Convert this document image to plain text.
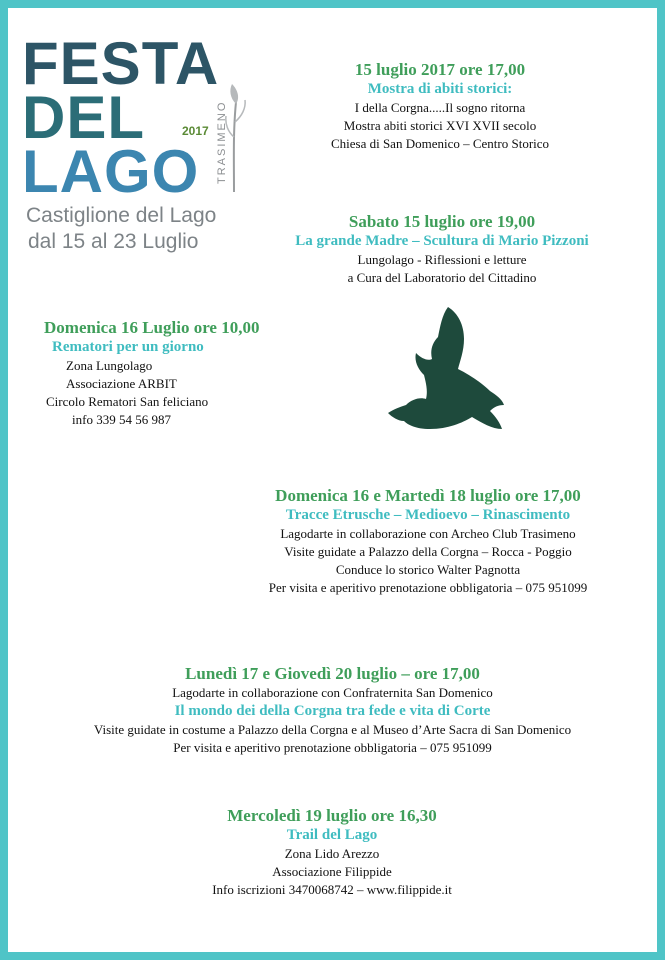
FESTA
DEL
LAGO
2017 TRASIMENO
Castiglione del Lago
dal 15 al 23 Luglio
15 luglio 2017 ore 17,00
Mostra di abiti storici:
I della Corgna.....Il sogno ritorna
Mostra abiti storici XVI XVII secolo
Chiesa di San Domenico – Centro Storico
Sabato 15 luglio ore 19,00
La grande Madre – Scultura di Mario Pizzoni
Lungolago - Riflessioni e letture
a Cura del Laboratorio del Cittadino
Domenica 16 Luglio ore 10,00
Rematori per un giorno
Zona Lungolago
Associazione ARBIT
Circolo Rematori San feliciano
info 339 54 56 987
Domenica 16 e Martedì 18 luglio ore 17,00
Tracce Etrusche – Medioevo – Rinascimento
Lagodarte in collaborazione con Archeo Club Trasimeno
Visite guidate a Palazzo della Corgna – Rocca - Poggio
Conduce lo storico Walter Pagnotta
Per visita e aperitivo prenotazione obbligatoria – 075 951099
Lunedì 17 e Giovedì 20 luglio – ore 17,00
Lagodarte in collaborazione con Confraternita San Domenico
Il mondo dei della Corgna tra fede e vita di Corte
Visite guidate in costume a Palazzo della Corgna e al Museo d’Arte Sacra di San Domenico
Per visita e aperitivo prenotazione obbligatoria – 075 951099
Mercoledì 19 luglio ore 16,30
Trail del Lago
Zona Lido Arezzo
Associazione Filippide
Info iscrizioni 3470068742 – www.filippide.it
